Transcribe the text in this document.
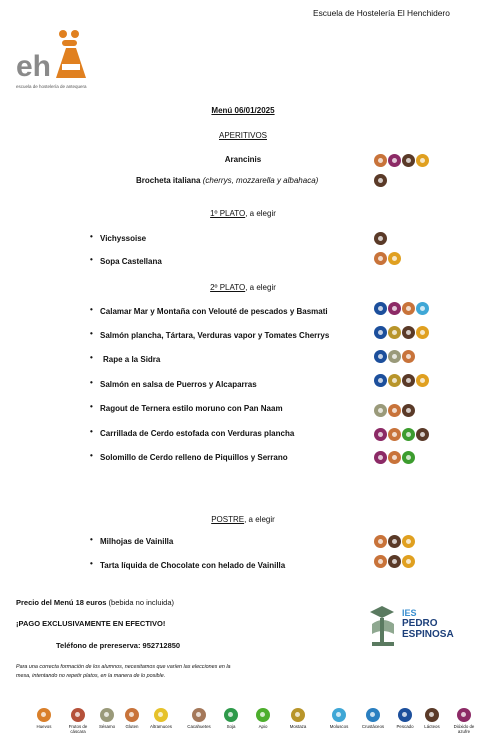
Escuela de Hostelería El Henchidero
eh
escuela de hostelería de antequera
Menú 06/01/2025
APERITIVOS
Arancinis
Brocheta italiana (cherrys, mozzarella y albahaca)
1º PLATO, a elegir
• Vichyssoise
• Sopa Castellana
2º PLATO, a elegir
• Calamar Mar y Montaña con Velouté de pescados y Basmati
• Salmón plancha, Tártara, Verduras vapor y Tomates Cherrys
• Rape a la Sidra
• Salmón en salsa de Puerros y Alcaparras
• Ragout de Ternera estilo moruno con Pan Naam
• Carrillada de Cerdo estofada con Verduras plancha
• Solomillo de Cerdo relleno de Piquillos y Serrano
POSTRE, a elegir
• Milhojas de Vainilla
• Tarta líquida de Chocolate con helado de Vainilla
Precio del Menú 18 euros (bebida no incluida)
¡PAGO EXCLUSIVAMENTE EN EFECTIVO!
Teléfono de prereserva: 952712850
Para una correcta formación de los alumnos, necesitamos que varíen las elecciones en la mesa, intentando no repetir platos, en la manera de lo posible.
IES
PEDRO
ESPINOSA
Huevos	Frutos de cáscara
Sésamo	Gluten	Altramuces	Cacahuetes	Soja	Apio	Mostaza	Moluscos	Crustáceos	Pescado	Lácteos	Dióxido de azufre
